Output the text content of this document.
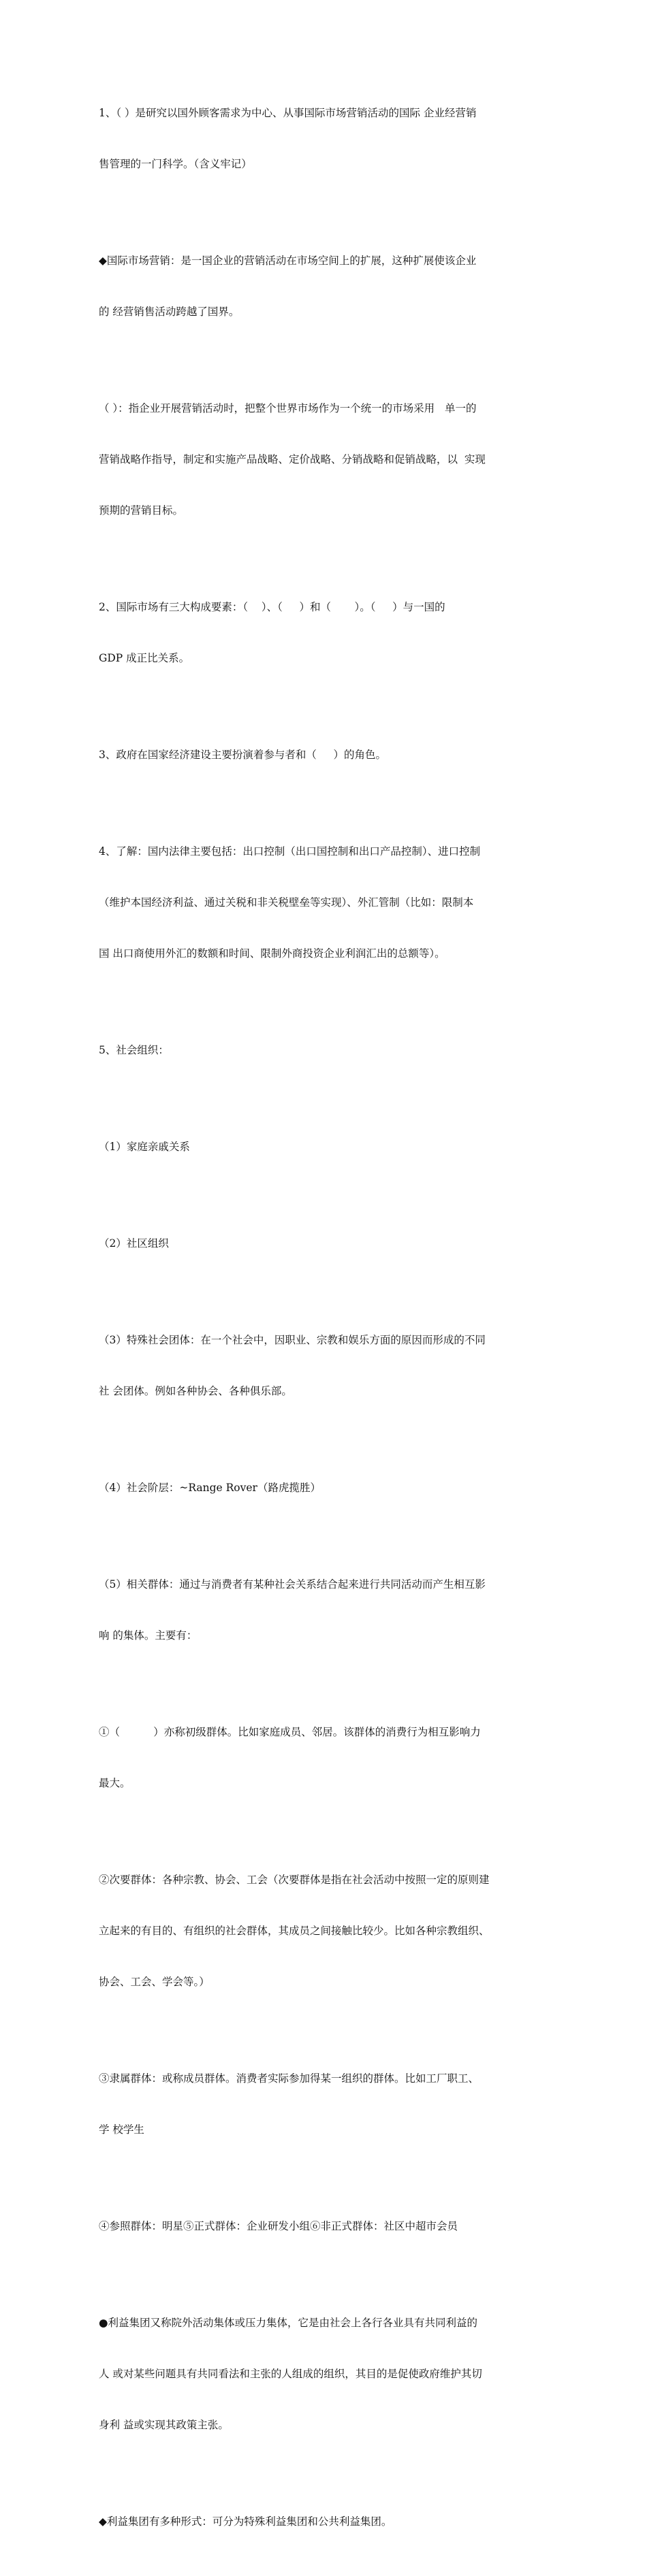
1、（ ）是研究以国外顾客需求为中心、从事国际市场营销活动的国际 企业经营销

售管理的一门科学。（含义牢记）

◆国际市场营销：是一国企业的营销活动在市场空间上的扩展，这种扩展使该企业

的 经营销售活动跨越了国界。

（ ）：指企业开展营销活动时，把整个世界市场作为一个统一的市场采用   单一的

营销战略作指导，制定和实施产品战略、定价战略、分销战略和促销战略，以  实现

预期的营销目标。

2、国际市场有三大构成要素：（    ）、（     ）和（       ）。（     ）与一国的

GDP 成正比关系。

3、政府在国家经济建设主要扮演着参与者和（     ）的角色。

4、了解：国内法律主要包括：出口控制（出口国控制和出口产品控制）、进口控制

（维护本国经济利益、通过关税和非关税壁垒等实现）、外汇管制（比如：限制本

国 出口商使用外汇的数额和时间、限制外商投资企业利润汇出的总额等）。

5、社会组织：

（1）家庭亲戚关系

（2）社区组织

（3）特殊社会团体：在一个社会中，因职业、宗教和娱乐方面的原因而形成的不同

社 会团体。例如各种协会、各种俱乐部。

（4）社会阶层：~Range Rover（路虎揽胜）

（5）相关群体：通过与消费者有某种社会关系结合起来进行共同活动而产生相互影

响 的集体。主要有：

①（          ）亦称初级群体。比如家庭成员、邻居。该群体的消费行为相互影响力

最大。

②次要群体：各种宗教、协会、工会（次要群体是指在社会活动中按照一定的原则建

立起来的有目的、有组织的社会群体，其成员之间接触比较少。比如各种宗教组织、

协会、工会、学会等。）

③隶属群体：或称成员群体。消费者实际参加得某一组织的群体。比如工厂职工、

学 校学生

④参照群体：明星⑤正式群体：企业研发小组⑥非正式群体：社区中超市会员

●利益集团又称院外活动集体或压力集体，它是由社会上各行各业具有共同利益的

人 或对某些问题具有共同看法和主张的人组成的组织，其目的是促使政府维护其切

身利 益或实现其政策主张。

◆利益集团有多种形式：可分为特殊利益集团和公共利益集团。
